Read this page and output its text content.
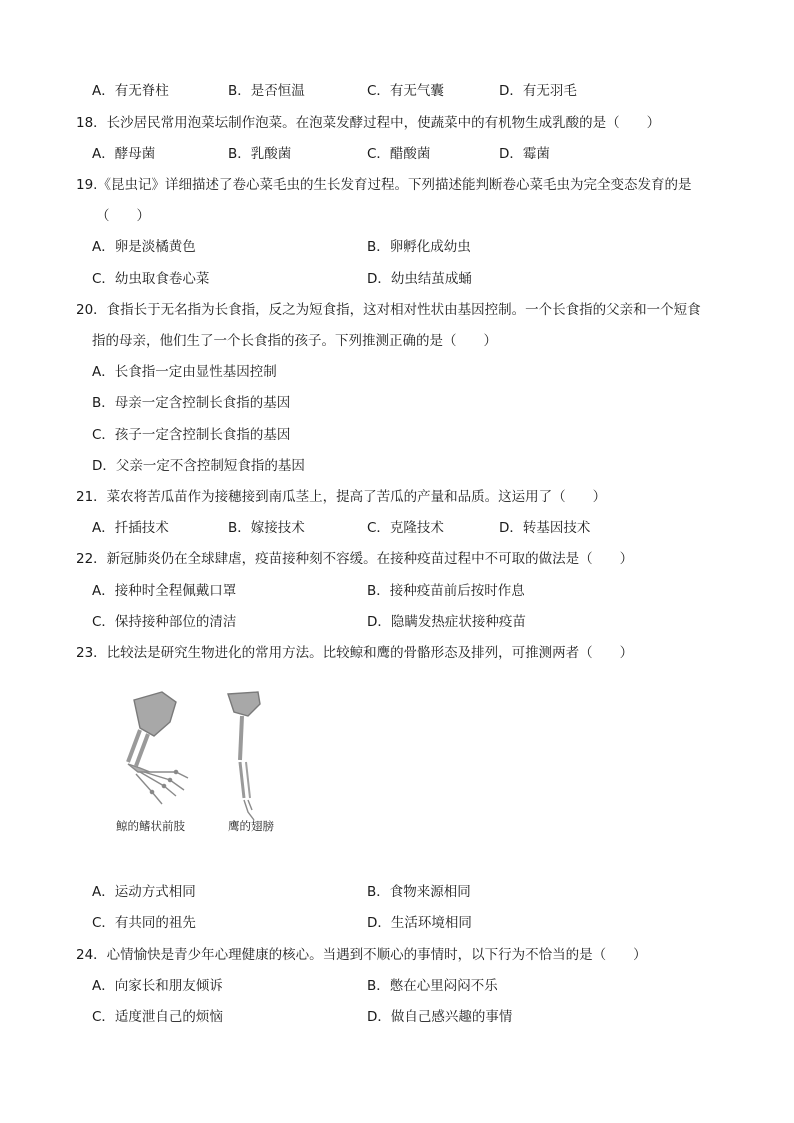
A．有无脊柱	B．是否恒温	C．有无气囊	D．有无羽毛
18．长沙居民常用泡菜坛制作泡菜。在泡菜发酵过程中，使蔬菜中的有机物生成乳酸的是（　　）
A．酵母菌	B．乳酸菌	C．醋酸菌	D．霉菌
19.《昆虫记》详细描述了卷心菜毛虫的生长发育过程。下列描述能判断卷心菜毛虫为完全变态发育的是
（　　）
A．卵是淡橘黄色	B．卵孵化成幼虫
C．幼虫取食卷心菜	D．幼虫结茧成蛹
20．食指长于无名指为长食指，反之为短食指，这对相对性状由基因控制。一个长食指的父亲和一个短食
指的母亲，他们生了一个长食指的孩子。下列推测正确的是（　　）
A．长食指一定由显性基因控制
B．母亲一定含控制长食指的基因
C．孩子一定含控制长食指的基因
D．父亲一定不含控制短食指的基因
21．菜农将苦瓜苗作为接穗接到南瓜茎上，提高了苦瓜的产量和品质。这运用了（　　）
A．扦插技术	B．嫁接技术	C．克隆技术	D．转基因技术
22．新冠肺炎仍在全球肆虐，疫苗接种刻不容缓。在接种疫苗过程中不可取的做法是（　　）
A．接种时全程佩戴口罩	B．接种疫苗前后按时作息
C．保持接种部位的清洁	D．隐瞒发热症状接种疫苗
23．比较法是研究生物进化的常用方法。比较鲸和鹰的骨骼形态及排列，可推测两者（　　）
鲸的鳍状前肢	鹰的翅膀
A．运动方式相同	B．食物来源相同
C．有共同的祖先	D．生活环境相同
24．心情愉快是青少年心理健康的核心。当遇到不顺心的事情时，以下行为不恰当的是（　　）
A．向家长和朋友倾诉	B．憋在心里闷闷不乐
C．适度泄自己的烦恼	D．做自己感兴趣的事情
